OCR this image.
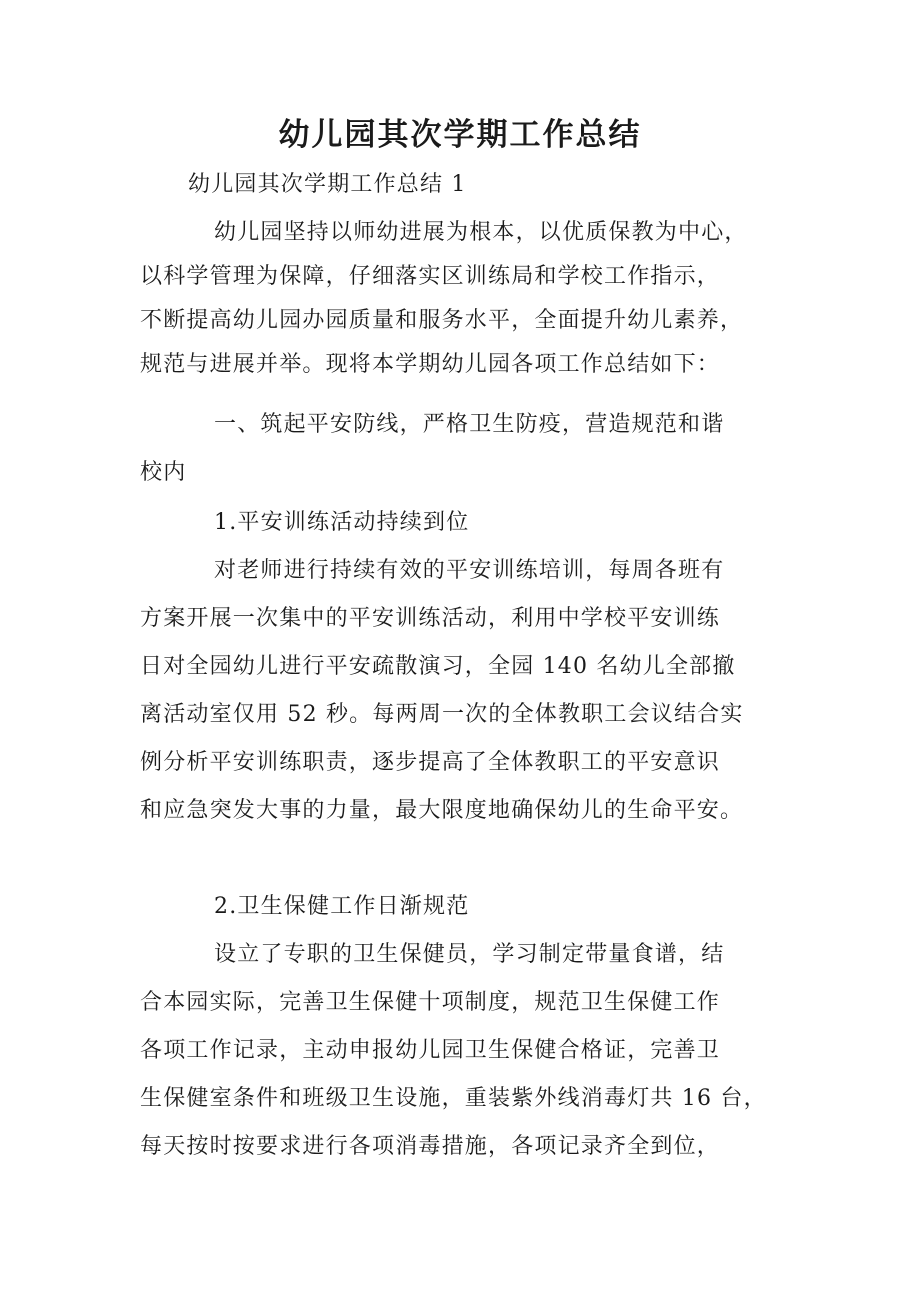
幼儿园其次学期工作总结
幼儿园其次学期工作总结 1
幼儿园坚持以师幼进展为根本，以优质保教为中心，
以科学管理为保障，仔细落实区训练局和学校工作指示，
不断提高幼儿园办园质量和服务水平，全面提升幼儿素养，
规范与进展并举。现将本学期幼儿园各项工作总结如下：
一、筑起平安防线，严格卫生防疫，营造规范和谐
校内
1.平安训练活动持续到位
对老师进行持续有效的平安训练培训，每周各班有
方案开展一次集中的平安训练活动，利用中学校平安训练
日对全园幼儿进行平安疏散演习，全园 140 名幼儿全部撤
离活动室仅用 52 秒。每两周一次的全体教职工会议结合实
例分析平安训练职责，逐步提高了全体教职工的平安意识
和应急突发大事的力量，最大限度地确保幼儿的生命平安。
2.卫生保健工作日渐规范
设立了专职的卫生保健员，学习制定带量食谱，结
合本园实际，完善卫生保健十项制度，规范卫生保健工作
各项工作记录，主动申报幼儿园卫生保健合格证，完善卫
生保健室条件和班级卫生设施，重装紫外线消毒灯共 16 台，
每天按时按要求进行各项消毒措施，各项记录齐全到位，
